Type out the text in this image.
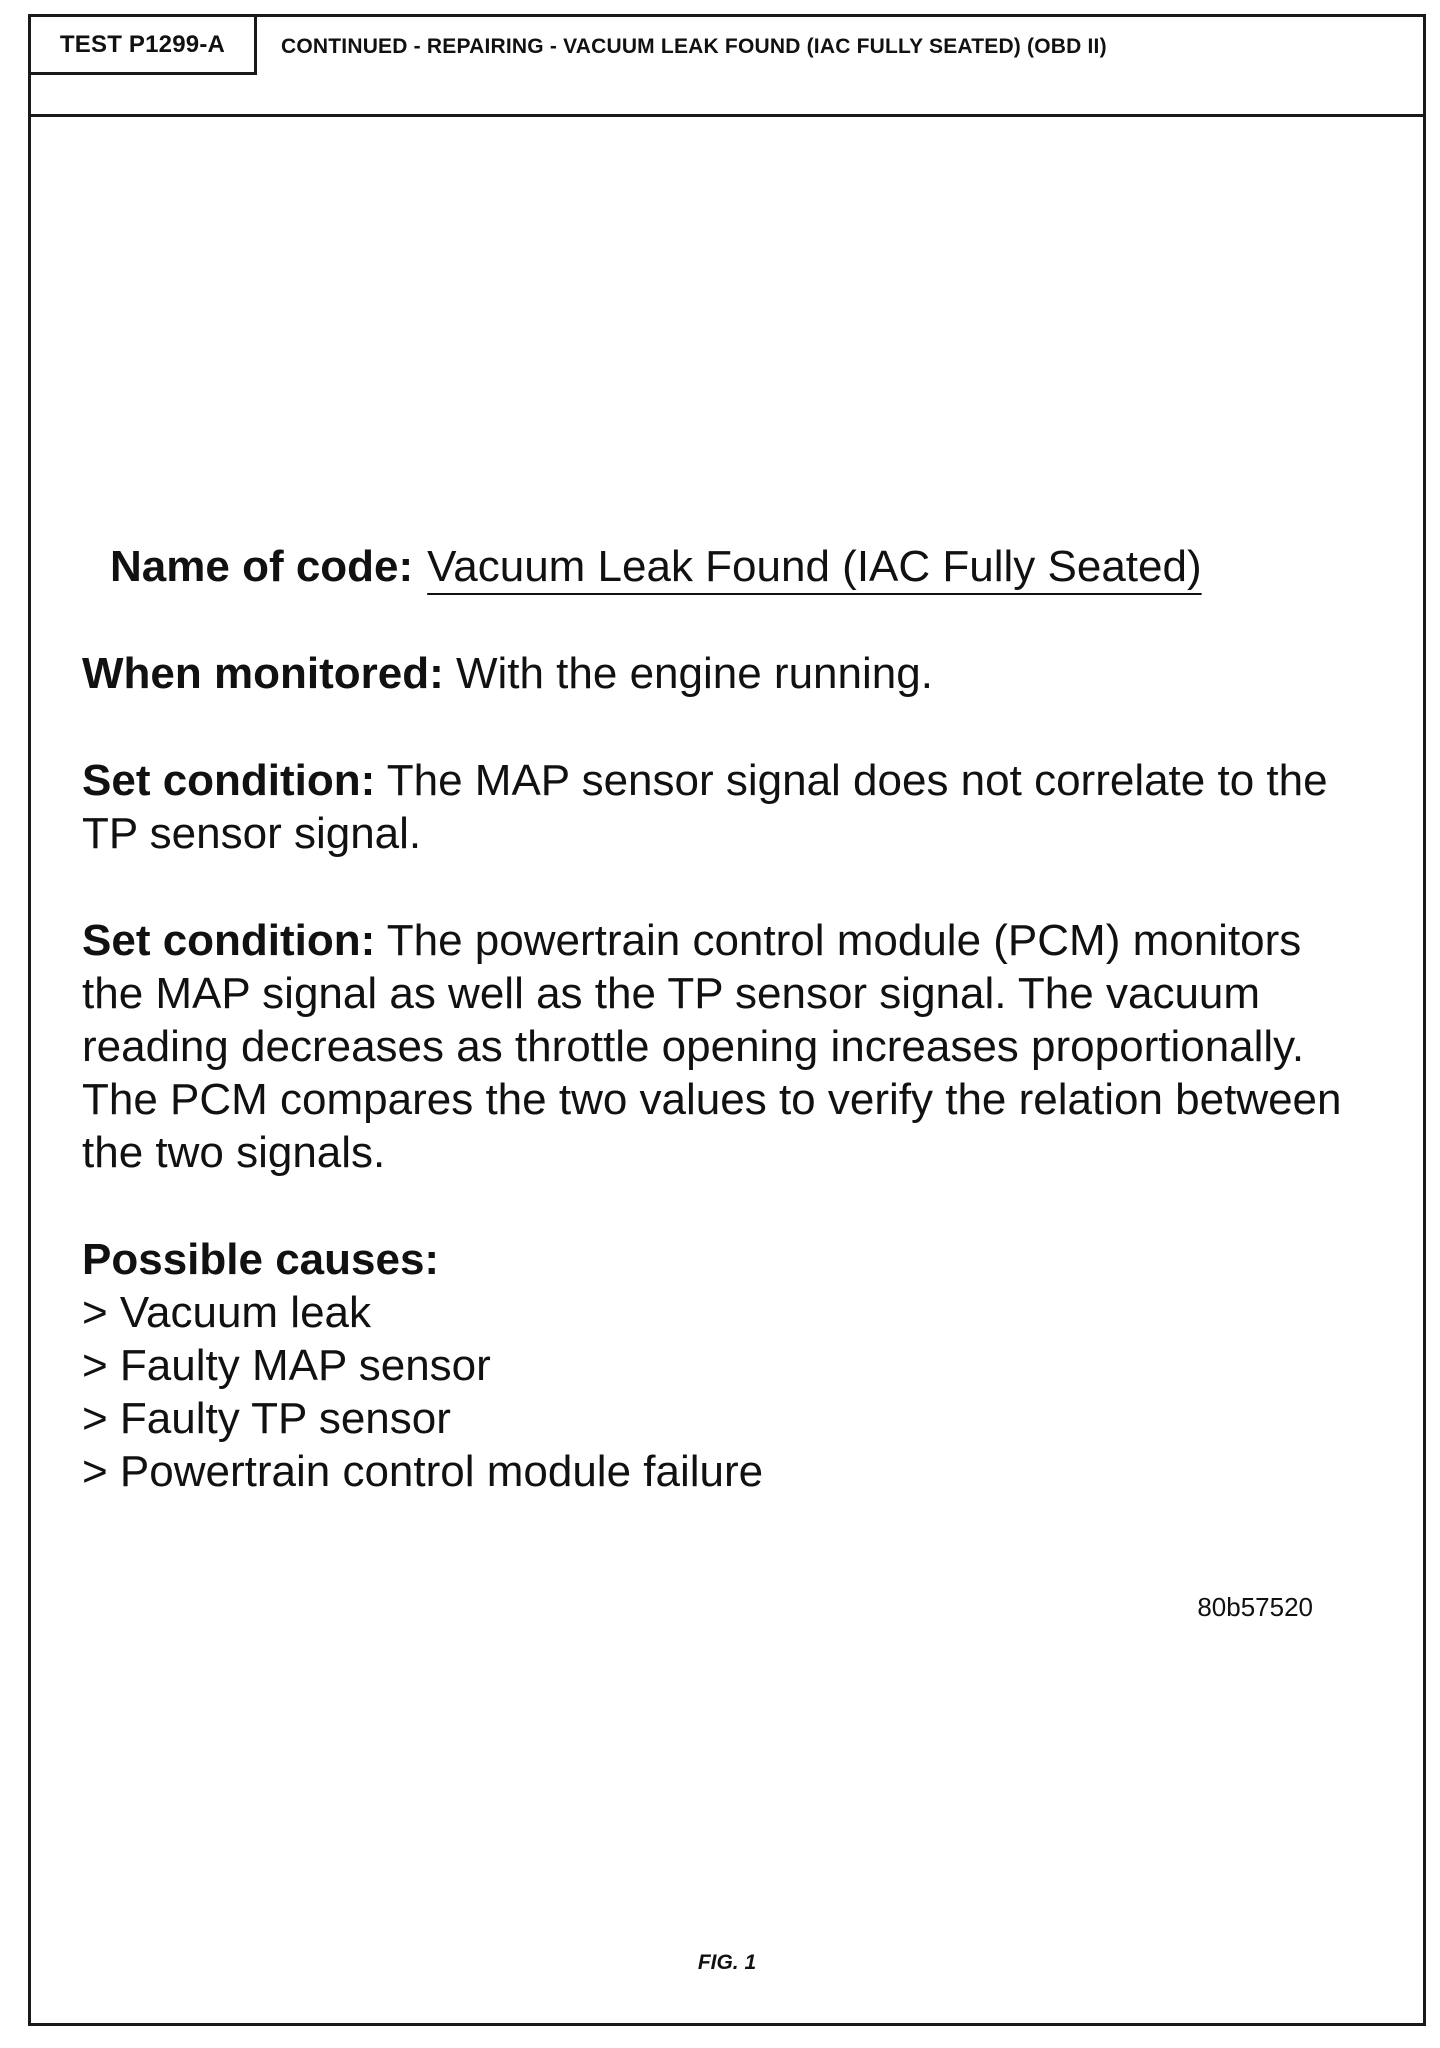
TEST P1299-A	CONTINUED - REPAIRING - VACUUM LEAK FOUND (IAC FULLY SEATED) (OBD II)
80b57520
FIG. 1

Name of code: Vacuum Leak Found (IAC Fully Seated)

When monitored: With the engine running.

Set condition: The MAP sensor signal does not correlate to the TP sensor signal.

Set condition: The powertrain control module (PCM) monitors the MAP signal as well as the TP sensor signal. The vacuum reading decreases as throttle opening increases proportionally. The PCM compares the two values to verify the relation between the two signals.

Possible causes:

> Vacuum leak
> Faulty MAP sensor
> Faulty TP sensor
> Powertrain control module failure
